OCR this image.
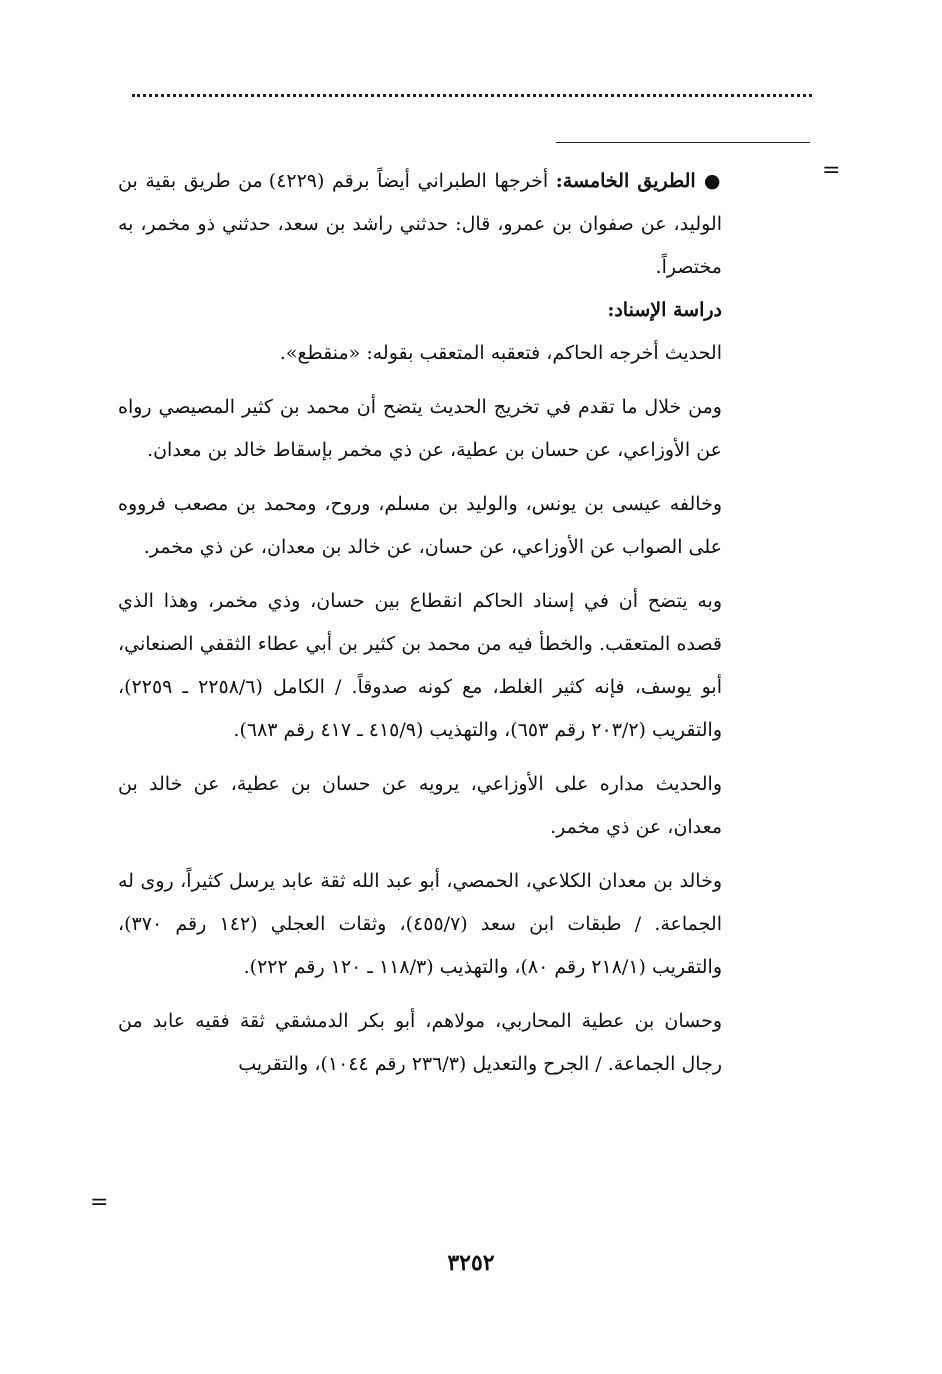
=

● الطريق الخامسة: أخرجها الطبراني أيضاً برقم (٤٢٢٩) من طريق بقية بن الوليد، عن صفوان بن عمرو، قال: حدثني راشد بن سعد، حدثني ذو مخمر، به مختصراً.

دراسة الإسناد:

الحديث أخرجه الحاكم، فتعقبه المتعقب بقوله: «منقطع».

ومن خلال ما تقدم في تخريج الحديث يتضح أن محمد بن كثير المصيصي رواه عن الأوزاعي، عن حسان بن عطية، عن ذي مخمر بإسقاط خالد بن معدان.

وخالفه عيسى بن يونس، والوليد بن مسلم، وروح، ومحمد بن مصعب فرووه على الصواب عن الأوزاعي، عن حسان، عن خالد بن معدان، عن ذي مخمر.

وبه يتضح أن في إسناد الحاكم انقطاع بين حسان، وذي مخمر، وهذا الذي قصده المتعقب. والخطأ فيه من محمد بن كثير بن أبي عطاء الثقفي الصنعاني، أبو يوسف، فإنه كثير الغلط، مع كونه صدوقاً. / الكامل (٢٢٥٨/٦ ـ ٢٢٥٩)، والتقريب (٢٠٣/٢ رقم ٦٥٣)، والتهذيب (٤١٥/٩ ـ ٤١٧ رقم ٦٨٣).

والحديث مداره على الأوزاعي، يرويه عن حسان بن عطية، عن خالد بن معدان، عن ذي مخمر.

وخالد بن معدان الكلاعي، الحمصي، أبو عبد الله ثقة عابد يرسل كثيراً، روى له الجماعة. / طبقات ابن سعد (٤٥٥/٧)، وثقات العجلي (١٤٢ رقم ٣٧٠)، والتقريب (٢١٨/١ رقم ٨٠)، والتهذيب (١١٨/٣ ـ ١٢٠ رقم ٢٢٢).

وحسان بن عطية المحاربي، مولاهم، أبو بكر الدمشقي ثقة فقيه عابد من رجال الجماعة. / الجرح والتعديل (٢٣٦/٣ رقم ١٠٤٤)، والتقريب

=
٣٢٥٢
